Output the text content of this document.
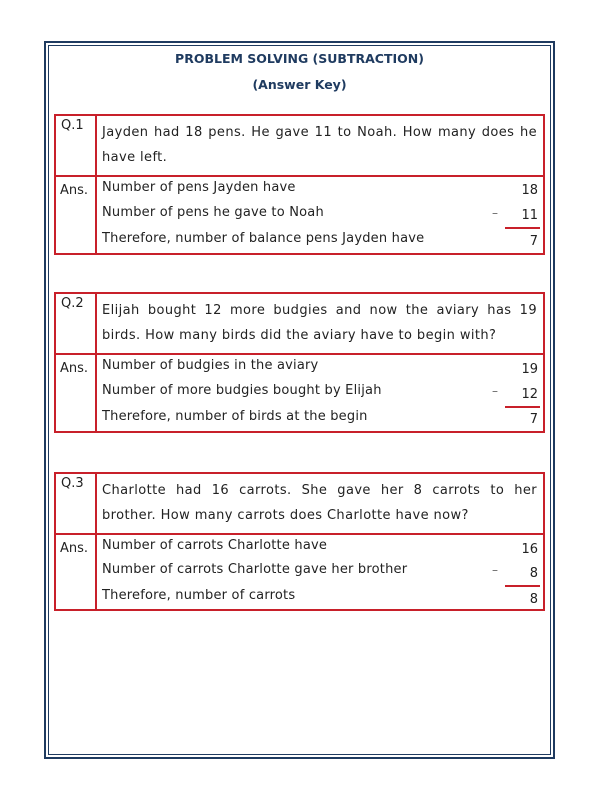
PROBLEM SOLVING (SUBTRACTION)
(Answer Key)
Q.1 Jayden had 18 pens. He gave 11 to Noah. How many does he have left.
Ans. Number of pens Jayden have
Number of pens he gave to Noah
Therefore, number of balance pens Jayden have
18
– 11
7
Q.2 Elijah bought 12 more budgies and now the aviary has 19 birds. How many birds did the aviary have to begin with?
Ans. Number of budgies in the aviary
Number of more budgies bought by Elijah
Therefore, number of birds at the begin
19
– 12
7
Q.3 Charlotte had 16 carrots. She gave her 8 carrots to her brother. How many carrots does Charlotte have now?
Ans. Number of carrots Charlotte have
Number of carrots Charlotte gave her brother
Therefore, number of carrots
16
– 8
8
